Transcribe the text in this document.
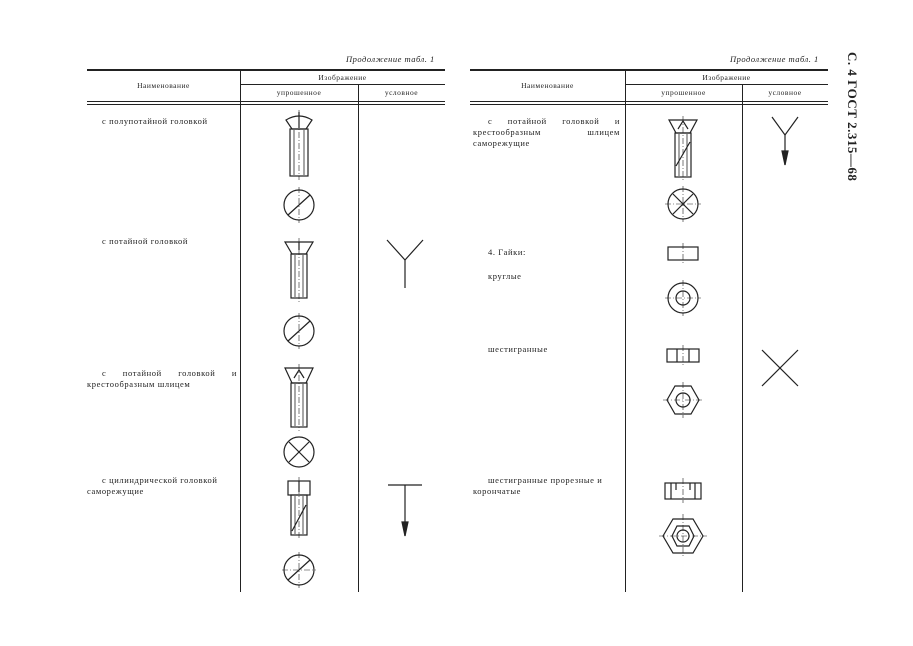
С. 4 ГОСТ 2.315—68
Продолжение табл. 1
Наименование
Изображение
упрошенное	условное
с полупотайной головкой
с потайной головкой
с потайной головкой и крестообразным шлицем
с цилиндрической головкой саморежущие
Продолжение табл. 1
Наименование
Изображение
упрошенное	условное
с потайной головкой и крестообразным шлицем саморежущие
4. Гайки:
круглые
шестигранные
шестигранные прорезные и корончатые
